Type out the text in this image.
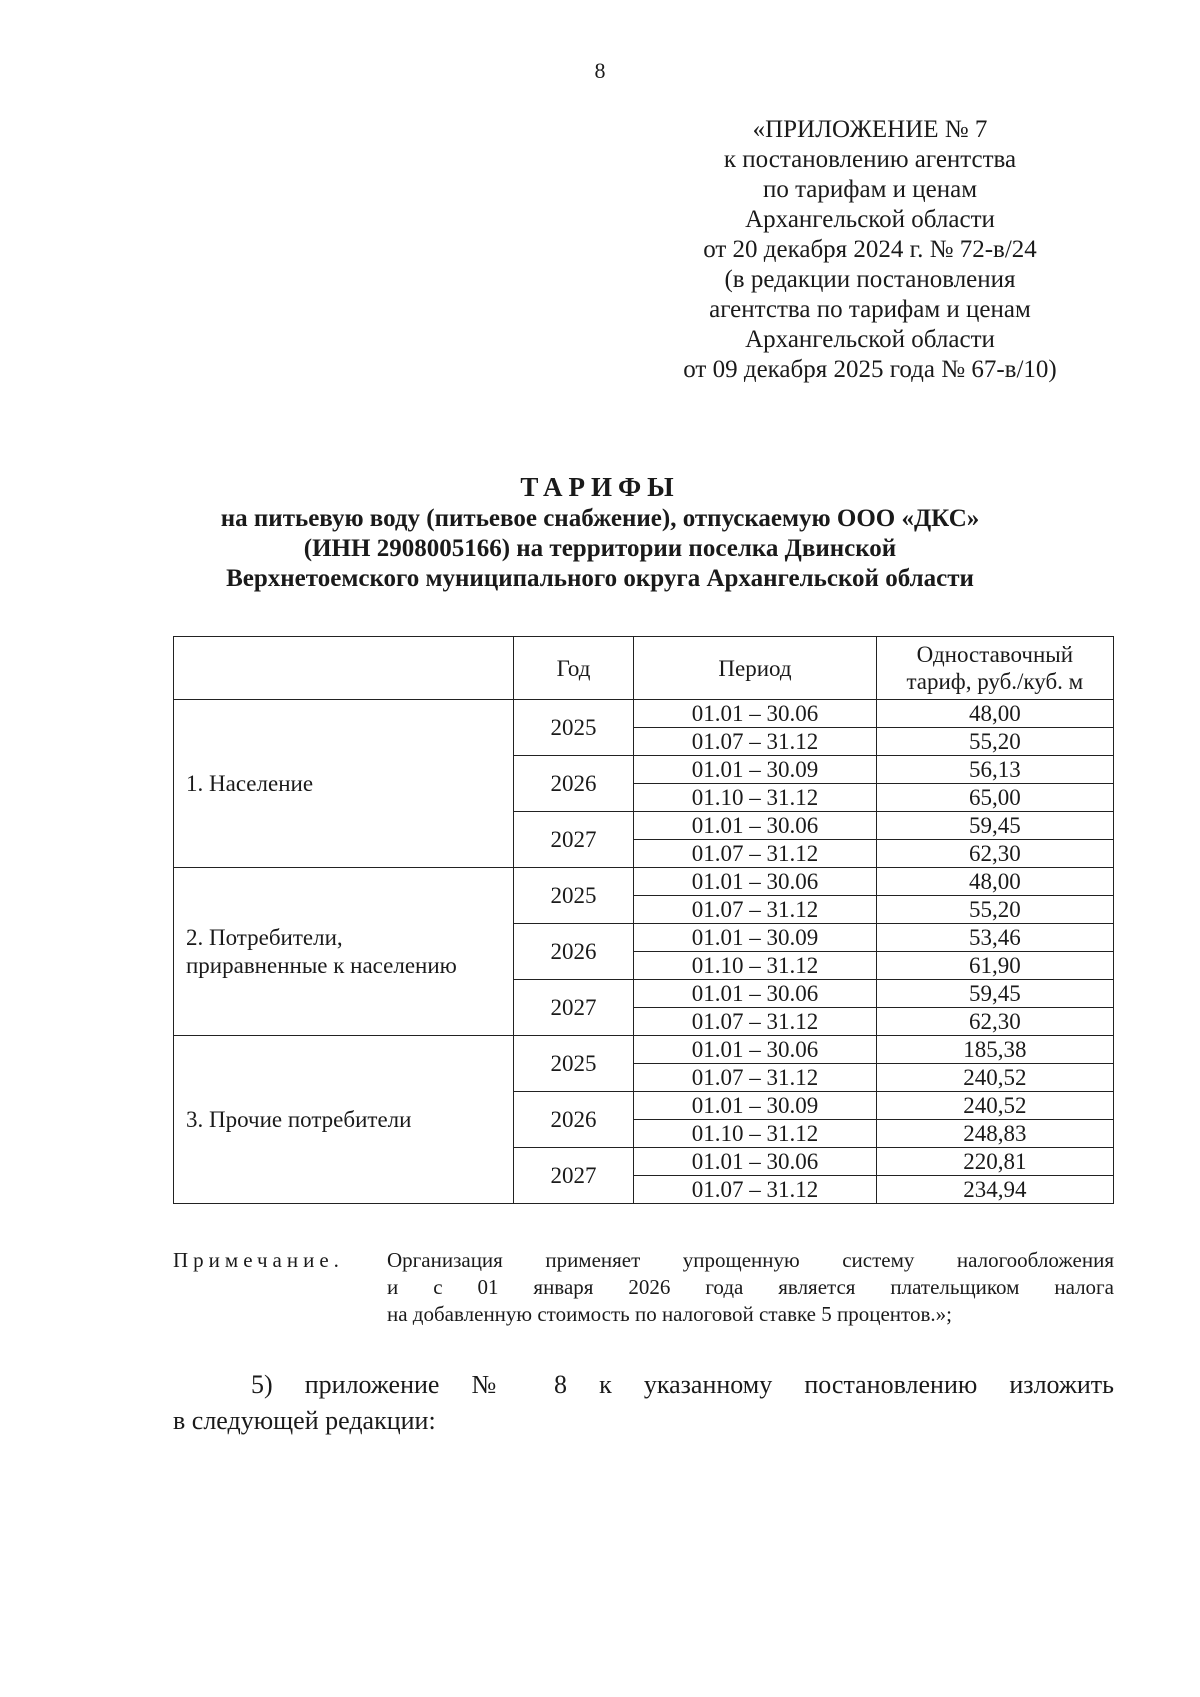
8
«ПРИЛОЖЕНИЕ № 7
к постановлению агентства
по тарифам и ценам
Архангельской области
от 20 декабря 2024 г. № 72-в/24
(в редакции постановления
агентства по тарифам и ценам
Архангельской области
от 09 декабря 2025 года № 67-в/10)
ТАРИФЫ
на питьевую воду (питьевое снабжение), отпускаемую ООО «ДКС»
(ИНН 2908005166) на территории поселка Двинской
Верхнетоемского муниципального округа Архангельской области
	Год	Период	Одноставочный
тариф, руб./куб. м

1. Население	2025	01.01 – 30.06	48,00
		01.07 – 31.12	55,20
	2026	01.01 – 30.09	56,13
		01.10 – 31.12	65,00
	2027	01.01 – 30.06	59,45
		01.07 – 31.12	62,30

2. Потребители,
приравненные к населению	2025	01.01 – 30.06	48,00
		01.07 – 31.12	55,20
	2026	01.01 – 30.09	53,46
		01.10 – 31.12	61,90
	2027	01.01 – 30.06	59,45
		01.07 – 31.12	62,30

3. Прочие потребители	2025	01.01 – 30.06	185,38
		01.07 – 31.12	240,52
	2026	01.01 – 30.09	240,52
		01.10 – 31.12	248,83
	2027	01.01 – 30.06	220,81
		01.07 – 31.12	234,94
Примечание. Организация применяет упрощенную систему налогообложения
и с 01 января 2026 года является плательщиком налога
на добавленную стоимость по налоговой ставке 5 процентов.»;
5) приложение № 8 к указанному постановлению изложить
в следующей редакции:
